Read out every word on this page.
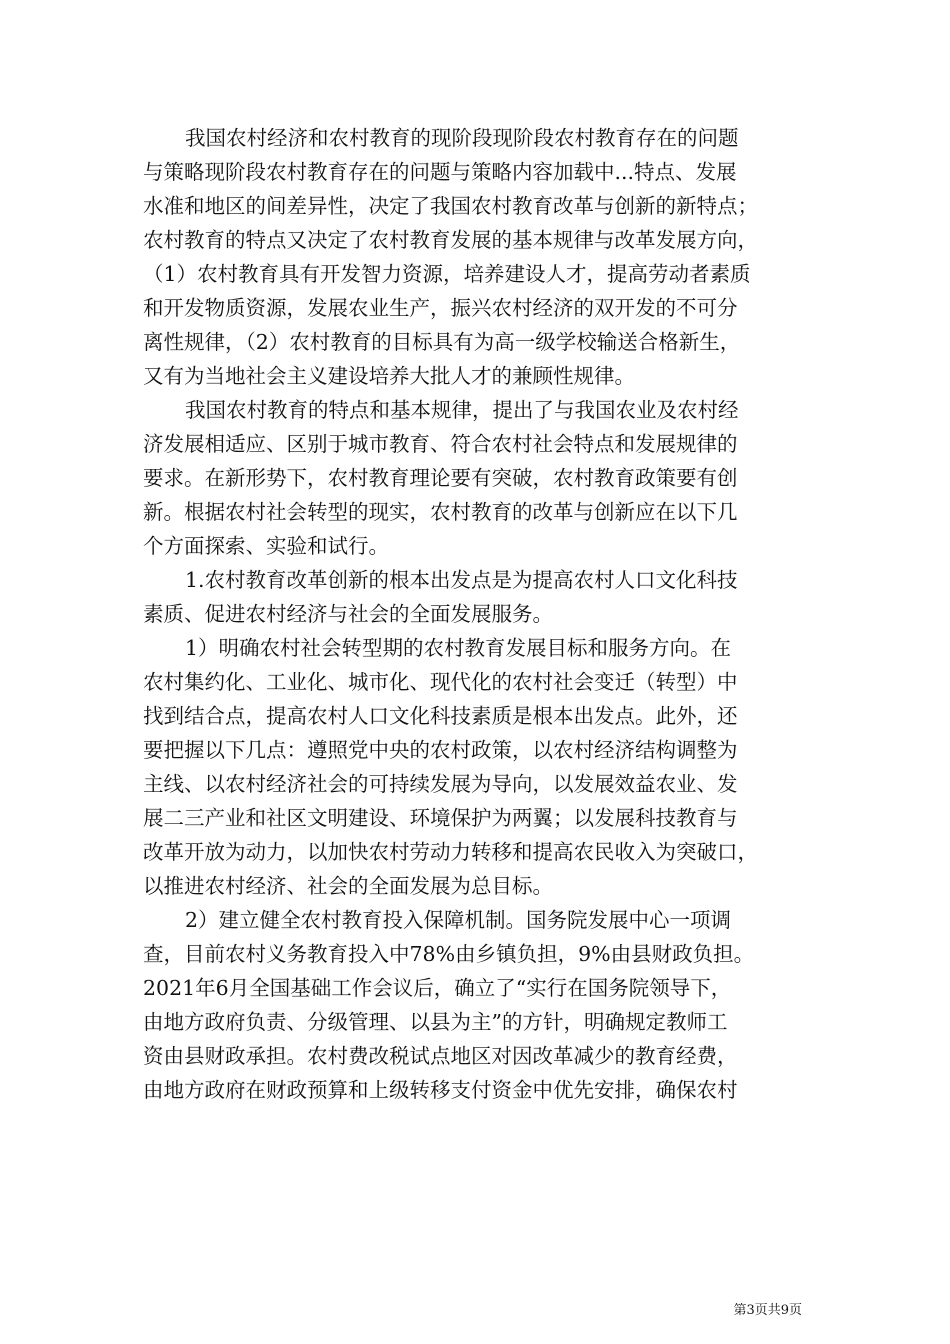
我国农村经济和农村教育的现阶段现阶段农村教育存在的问题
与策略现阶段农村教育存在的问题与策略内容加载中...特点、发展
水准和地区的间差异性，决定了我国农村教育改革与创新的新特点；
农村教育的特点又决定了农村教育发展的基本规律与改革发展方向，
（1）农村教育具有开发智力资源，培养建设人才，提高劳动者素质
和开发物质资源，发展农业生产，振兴农村经济的双开发的不可分
离性规律，（2）农村教育的目标具有为高一级学校输送合格新生，
又有为当地社会主义建设培养大批人才的兼顾性规律。
我国农村教育的特点和基本规律，提出了与我国农业及农村经
济发展相适应、区别于城市教育、符合农村社会特点和发展规律的
要求。在新形势下，农村教育理论要有突破，农村教育政策要有创
新。根据农村社会转型的现实，农村教育的改革与创新应在以下几
个方面探索、实验和试行。
1.农村教育改革创新的根本出发点是为提高农村人口文化科技
素质、促进农村经济与社会的全面发展服务。
1）明确农村社会转型期的农村教育发展目标和服务方向。在
农村集约化、工业化、城市化、现代化的农村社会变迁（转型）中
找到结合点，提高农村人口文化科技素质是根本出发点。此外，还
要把握以下几点：遵照党中央的农村政策，以农村经济结构调整为
主线、以农村经济社会的可持续发展为导向，以发展效益农业、发
展二三产业和社区文明建设、环境保护为两翼；以发展科技教育与
改革开放为动力，以加快农村劳动力转移和提高农民收入为突破口，
以推进农村经济、社会的全面发展为总目标。
2）建立健全农村教育投入保障机制。国务院发展中心一项调
查，目前农村义务教育投入中78%由乡镇负担，9%由县财政负担。
2021年6月全国基础工作会议后，确立了“实行在国务院领导下，
由地方政府负责、分级管理、以县为主”的方针，明确规定教师工
资由县财政承担。农村费改税试点地区对因改革减少的教育经费，
由地方政府在财政预算和上级转移支付资金中优先安排，确保农村
第3页共9页
